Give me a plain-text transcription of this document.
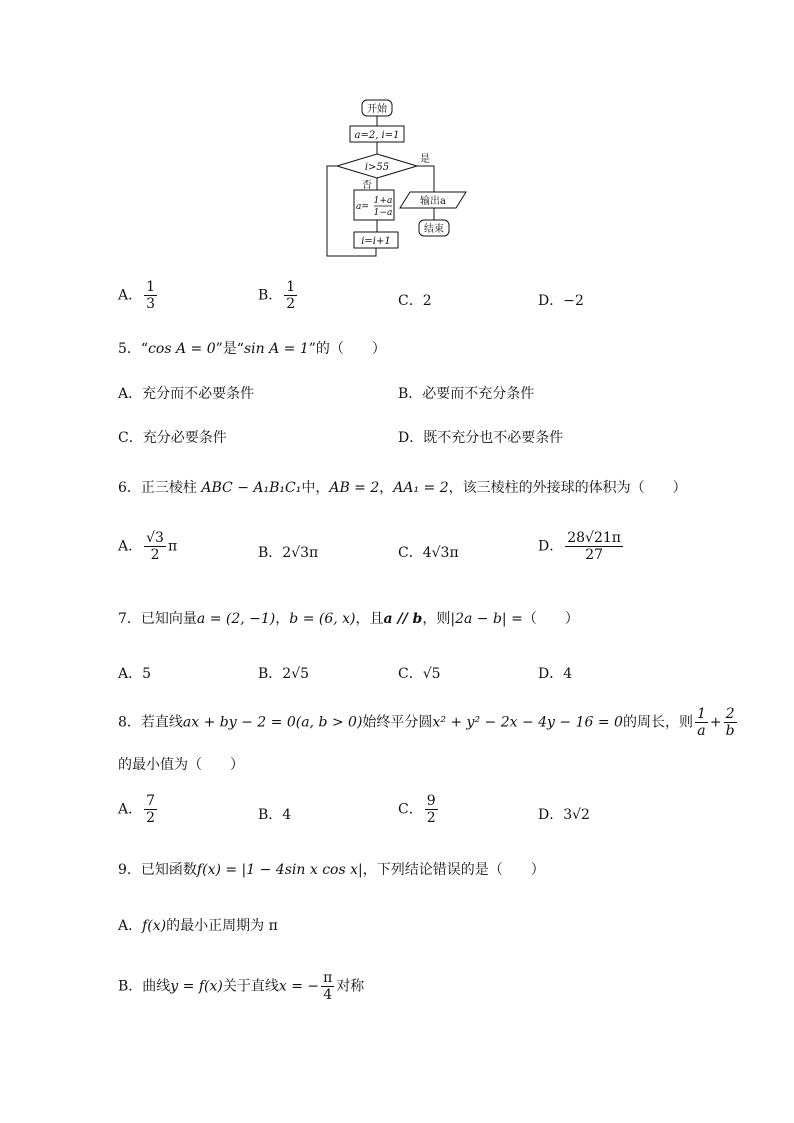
开始
a=2, i=1
i>55
是
否
a=
1+a
1−a
i=i+1
输出a
结束
A． $\frac{1}{3}$	B． $\frac{1}{2}$	C．2	D．−2
5．“cos A = 0”是“sin A = 1”的（　　）
A．充分而不必要条件	B．必要而不充分条件
C．充分必要条件	D．既不充分也不必要条件
6．正三棱柱 ABC − A₁B₁C₁中，AB = 2，AA₁ = 2，该三棱柱的外接球的体积为（　　）
A． $\frac{√3}{2}$ π	B．2√3π	C．4√3π	D． $\frac{28√21\pi}{27}$
7．已知向量a = (2, −1)，b = (6, x)，且a // b，则|2a − b| =（　　）
A．5	B．2√5	C．√5	D．4
8．若直线ax + by − 2 = 0(a, b > 0)始终平分圆x² + y² − 2x − 4y − 16 = 0的周长，则 $\frac{1}{a} + \frac{2}{b}$
的最小值为（　　）
A． $\frac{7}{2}$	B．4	C． $\frac{9}{2}$	D．3√2
9．已知函数f(x) = |1 − 4sin x cos x|，下列结论错误的是（　　）
A．f(x)的最小正周期为 π
B．曲线y = f(x)关于直线x = − $\frac{\pi}{4}$ 对称
